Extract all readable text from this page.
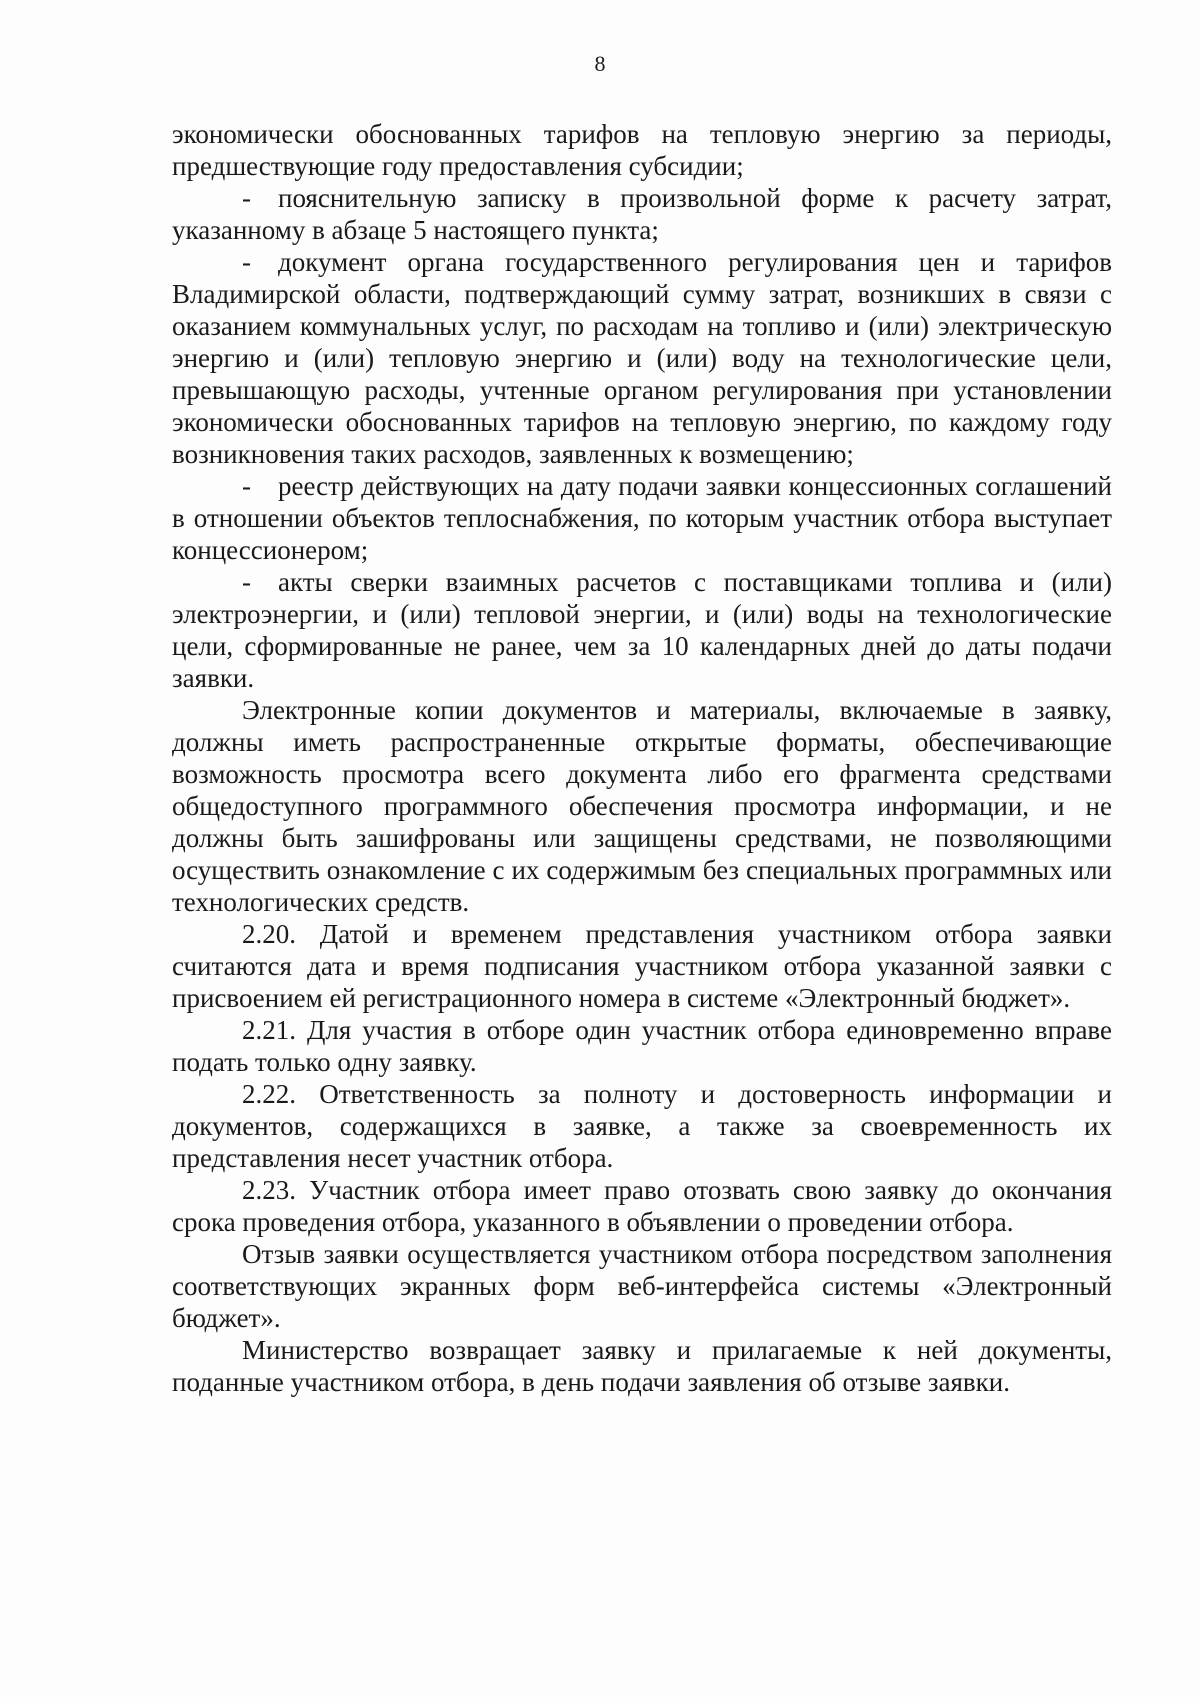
8

экономически обоснованных тарифов на тепловую энергию за периоды, предшествующие году предоставления субсидии;

- пояснительную записку в произвольной форме к расчету затрат, указанному в абзаце 5 настоящего пункта;

- документ органа государственного регулирования цен и тарифов Владимирской области, подтверждающий сумму затрат, возникших в связи с оказанием коммунальных услуг, по расходам на топливо и (или) электрическую энергию и (или) тепловую энергию и (или) воду на технологические цели, превышающую расходы, учтенные органом регулирования при установлении экономически обоснованных тарифов на тепловую энергию, по каждому году возникновения таких расходов, заявленных к возмещению;

- реестр действующих на дату подачи заявки концессионных соглашений в отношении объектов теплоснабжения, по которым участник отбора выступает концессионером;

- акты сверки взаимных расчетов с поставщиками топлива и (или) электроэнергии, и (или) тепловой энергии, и (или) воды на технологические цели, сформированные не ранее, чем за 10 календарных дней до даты подачи заявки.

Электронные копии документов и материалы, включаемые в заявку, должны иметь распространенные открытые форматы, обеспечивающие возможность просмотра всего документа либо его фрагмента средствами общедоступного программного обеспечения просмотра информации, и не должны быть зашифрованы или защищены средствами, не позволяющими осуществить ознакомление с их содержимым без специальных программных или технологических средств.

2.20. Датой и временем представления участником отбора заявки считаются дата и время подписания участником отбора указанной заявки с присвоением ей регистрационного номера в системе «Электронный бюджет».

2.21. Для участия в отборе один участник отбора единовременно вправе подать только одну заявку.

2.22. Ответственность за полноту и достоверность информации и документов, содержащихся в заявке, а также за своевременность их представления несет участник отбора.

2.23. Участник отбора имеет право отозвать свою заявку до окончания срока проведения отбора, указанного в объявлении о проведении отбора.

Отзыв заявки осуществляется участником отбора посредством заполнения соответствующих экранных форм веб-интерфейса системы «Электронный бюджет».

Министерство возвращает заявку и прилагаемые к ней документы, поданные участником отбора, в день подачи заявления об отзыве заявки.
